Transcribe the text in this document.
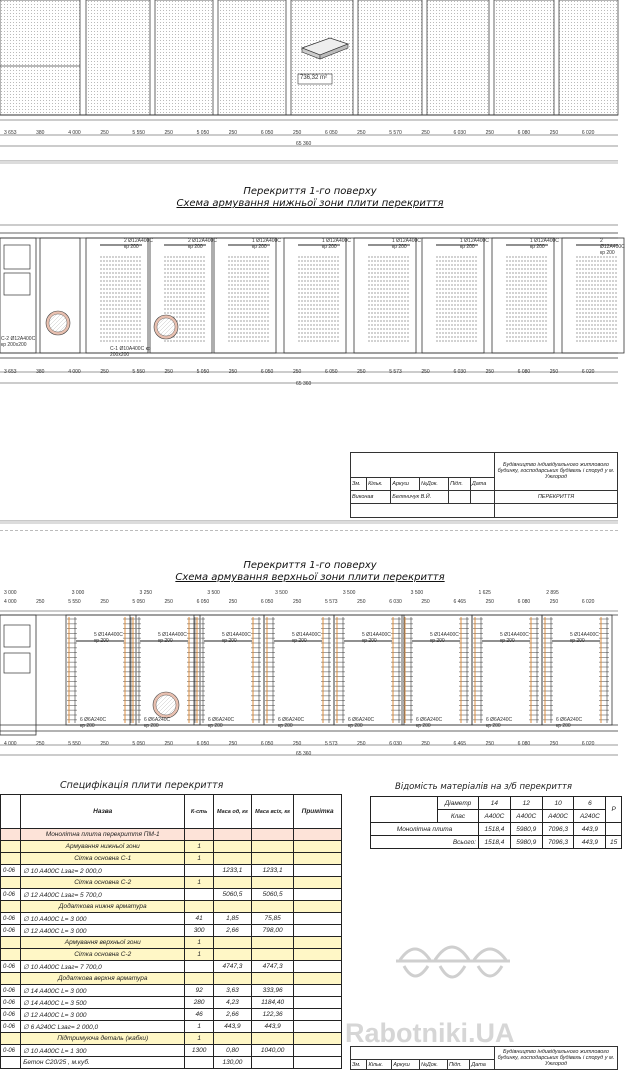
736,32 m²
3 653	380	4 000	250	5 550	250	5 050	250	6 050	250	6 050	250	5 570	250	6 030	250	6 080	250	6 020
65 360
Перекриття 1-го поверху
Схема армування нижньої зони плити перекриття
2 Ø12A400C
кр 200
2 Ø12A400C
кр 200
1 Ø12A400C
кр 200
1 Ø12A400C
кр 200
1 Ø12A400C
кр 200
1 Ø12A400C
кр 200
1 Ø12A400C
кр 200
2 Ø12A400C
кр 200
С-1 Ø10A400С кр 200х200
С-2 Ø12A400С кр 200х200
3 653	380	4 000	250	5 550	250	5 050	250	6 050	250	6 050	250	5 573	250	6 030	250	6 080	250	6 020
65 360
						Будівництво індивідуального житлового будинку, господарських будівель і споруд у м. Ужгород
Зм.	Кільк.	Аркуш	№Док.	Підп.	Дата	
Виконав		Беляничук В.Й.				ПЕРЕКРИТТЯ

Перекриття 1-го поверху
Схема армування верхньої зони плити перекриття
3 000	3 000	3 250	3 500	3 500	3 500	3 500	1 625	2 895
4 000	250	5 550	250	5 050	250	6 050	250	6 050	250	5 573	250	6 030	250	6 465	250	6 080	250	6 020
5 Ø14A400C
кр 200
5 Ø14A400C
кр 200
5 Ø14A400C
кр 200
5 Ø14A400C
кр 200
5 Ø14A400C
кр 200
5 Ø14A400C
кр 200
5 Ø14A400C
кр 200
5 Ø14A400C
кр 200
6 Ø6A240C
кр 200
6 Ø6A240C
кр 200
6 Ø6A240C
кр 200
6 Ø6A240C
кр 200
6 Ø6A240C
кр 200
6 Ø6A240C
кр 200
6 Ø6A240C
кр 200
6 Ø6A240C
кр 200
4 000	250	5 550	250	5 050	250	6 050	250	6 050	250	5 573	250	6 030	250	6 465	250	6 080	250	6 020
65 360
Специфікація плити перекриття
	Назва	К-сть	Маса од, кг	Маса всіх, кг	Примітка
	Монолітна плита перекриття ПМ-1				
	Армування нижньої зони	1			
	Сітка основна С-1	1			
0-06	∅ 10 A400C Lзаг= 2 000,0		1233,1	1233,1	
	Сітка основна С-2	1			
0-06	∅ 12 A400C Lзаг= 5 700,0		5060,5	5060,5	
	Додаткова нижня арматура				
0-06	∅ 10 A400C L= 3 000	41	1,85	75,85	
0-06	∅ 12 A400C L= 3 000	300	2,66	798,00	
	Армування верхньої зони	1			
	Сітка основна С-2	1			
0-06	∅ 10 A400C Lзаг= 7 700,0		4747,3	4747,3	
	Додаткова верхня арматура				
0-06	∅ 14 A400C L= 3 000	92	3,63	333,96	
0-06	∅ 14 A400C L= 3 500	280	4,23	1184,40	
0-06	∅ 12 A400C L= 3 000	46	2,66	122,36	
0-06	∅ 6 A240C Lзаг= 2 000,0	1	443,9	443,9	
	Підтримуюча деталь (жабки)	1			
0-06	∅ 10 A400C L= 1 300	1300	0,80	1040,00	
	Бетон С20/25 , м.куб.		130,00		
Відомість матеріалів на з/б перекриття
	Діаметр	14	12	10	6	Р
	Клас	A400C	A400C	A400C	A240C	
Монолітна плита		1518,4	5980,9	7096,3	443,9	
Всього:		1518,4	5980,9	7096,3	443,9	15
Rabotniki.UA
						Будівництво індивідуального житлового будинку, господарських будівель і споруд у м. Ужгород
Зм.	Кільк.	Аркуш	№Док.	Підп.	Дата	
